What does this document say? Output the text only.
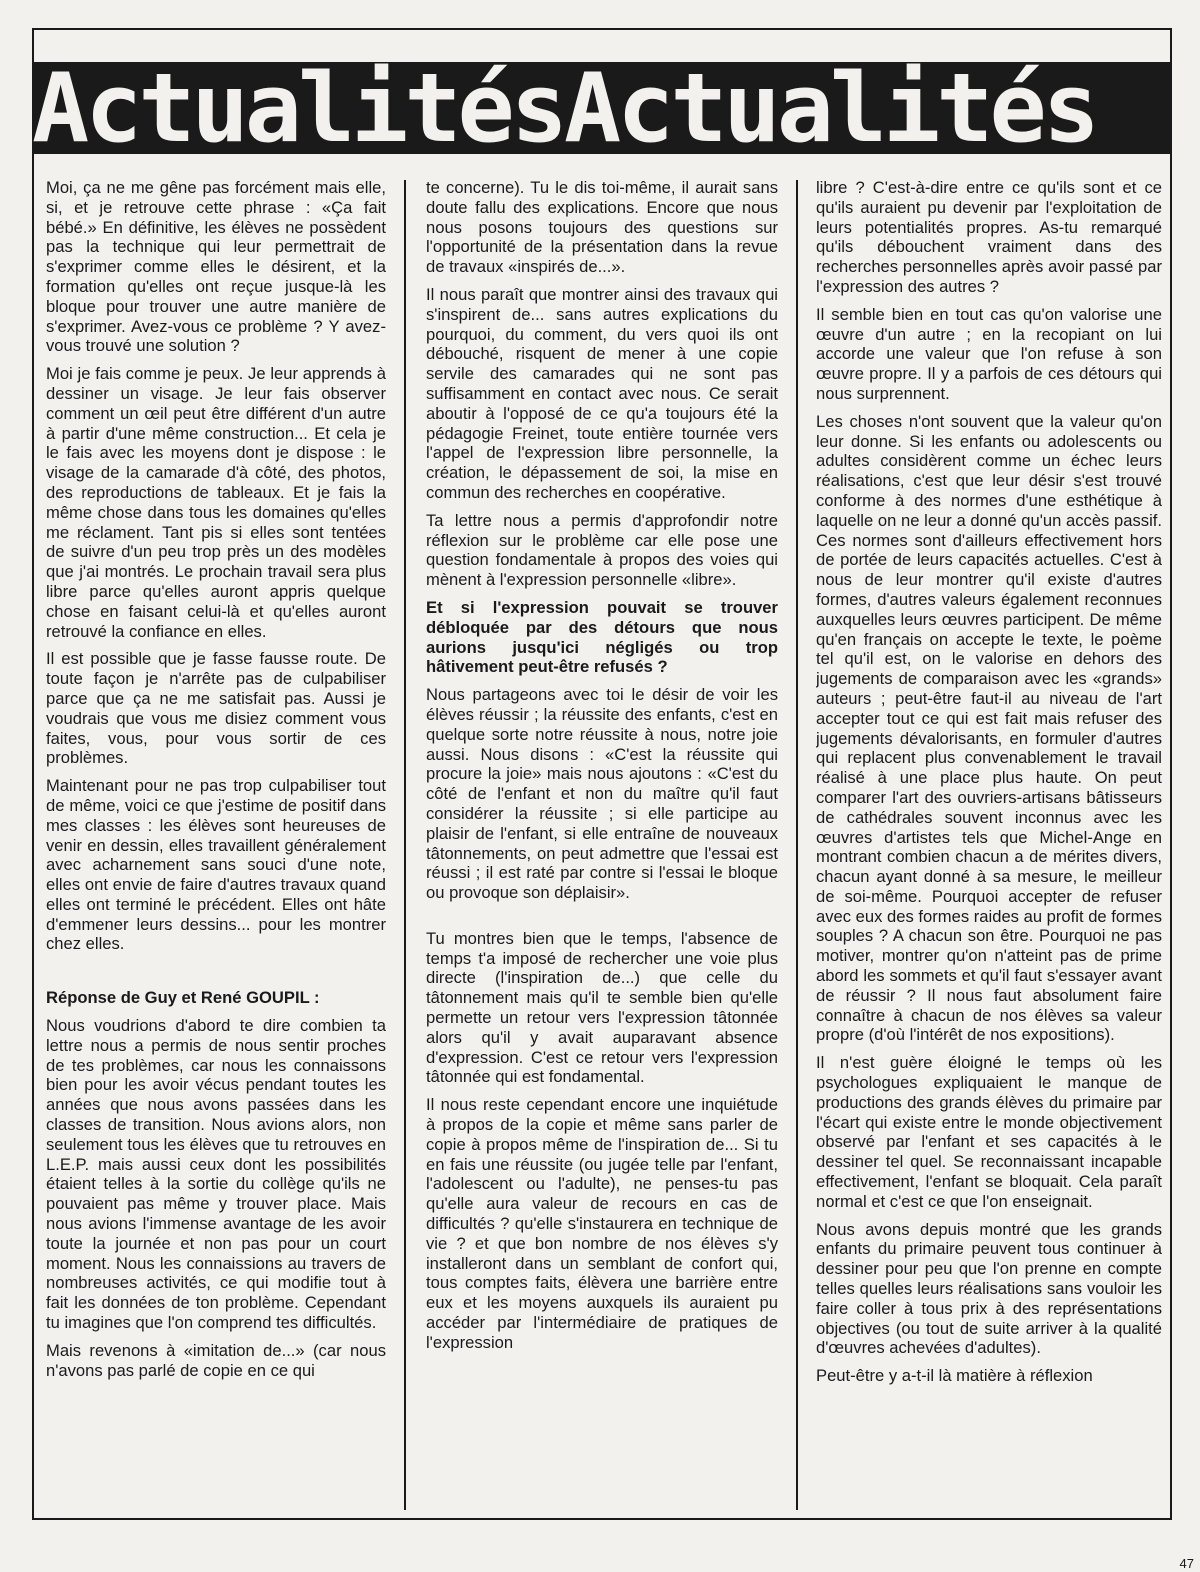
ActualitésActualités

Moi, ça ne me gêne pas forcément mais elle, si, et je retrouve cette phrase : «Ça fait bébé.» En définitive, les élèves ne possèdent pas la technique qui leur permettrait de s'exprimer comme elles le désirent, et la formation qu'elles ont reçue jusque-là les bloque pour trouver une autre manière de s'exprimer. Avez-vous ce problème ? Y avez-vous trouvé une solution ?

Moi je fais comme je peux. Je leur apprends à dessiner un visage. Je leur fais observer comment un œil peut être différent d'un autre à partir d'une même construction... Et cela je le fais avec les moyens dont je dispose : le visage de la camarade d'à côté, des photos, des reproductions de tableaux. Et je fais la même chose dans tous les domaines qu'elles me réclament. Tant pis si elles sont tentées de suivre d'un peu trop près un des modèles que j'ai montrés. Le prochain travail sera plus libre parce qu'elles auront appris quelque chose en faisant celui-là et qu'elles auront retrouvé la confiance en elles.

Il est possible que je fasse fausse route. De toute façon je n'arrête pas de culpabiliser parce que ça ne me satisfait pas. Aussi je voudrais que vous me disiez comment vous faites, vous, pour vous sortir de ces problèmes.

Maintenant pour ne pas trop culpabiliser tout de même, voici ce que j'estime de positif dans mes classes : les élèves sont heureuses de venir en dessin, elles travaillent généralement avec acharnement sans souci d'une note, elles ont envie de faire d'autres travaux quand elles ont terminé le précédent. Elles ont hâte d'emmener leurs dessins... pour les montrer chez elles.

Réponse de Guy et René GOUPIL :

Nous voudrions d'abord te dire combien ta lettre nous a permis de nous sentir proches de tes problèmes, car nous les connaissons bien pour les avoir vécus pendant toutes les années que nous avons passées dans les classes de transition. Nous avions alors, non seulement tous les élèves que tu retrouves en L.E.P. mais aussi ceux dont les possibilités étaient telles à la sortie du collège qu'ils ne pouvaient pas même y trouver place. Mais nous avions l'immense avantage de les avoir toute la journée et non pas pour un court moment. Nous les connaissions au travers de nombreuses activités, ce qui modifie tout à fait les données de ton problème. Cependant tu imagines que l'on comprend tes difficultés.

Mais revenons à «imitation de...» (car nous n'avons pas parlé de copie en ce qui

te concerne). Tu le dis toi-même, il aurait sans doute fallu des explications. Encore que nous nous posons toujours des questions sur l'opportunité de la présentation dans la revue de travaux «inspirés de...».

Il nous paraît que montrer ainsi des travaux qui s'inspirent de... sans autres explications du pourquoi, du comment, du vers quoi ils ont débouché, risquent de mener à une copie servile des camarades qui ne sont pas suffisamment en contact avec nous. Ce serait aboutir à l'opposé de ce qu'a toujours été la pédagogie Freinet, toute entière tournée vers l'appel de l'expression libre personnelle, la création, le dépassement de soi, la mise en commun des recherches en coopérative.

Ta lettre nous a permis d'approfondir notre réflexion sur le problème car elle pose une question fondamentale à propos des voies qui mènent à l'expression personnelle «libre».

Et si l'expression pouvait se trouver débloquée par des détours que nous aurions jusqu'ici négligés ou trop hâtivement peut-être refusés ?

Nous partageons avec toi le désir de voir les élèves réussir ; la réussite des enfants, c'est en quelque sorte notre réussite à nous, notre joie aussi. Nous disons : «C'est la réussite qui procure la joie» mais nous ajoutons : «C'est du côté de l'enfant et non du maître qu'il faut considérer la réussite ; si elle participe au plaisir de l'enfant, si elle entraîne de nouveaux tâtonnements, on peut admettre que l'essai est réussi ; il est raté par contre si l'essai le bloque ou provoque son déplaisir».

Tu montres bien que le temps, l'absence de temps t'a imposé de rechercher une voie plus directe (l'inspiration de...) que celle du tâtonnement mais qu'il te semble bien qu'elle permette un retour vers l'expression tâtonnée alors qu'il y avait auparavant absence d'expression. C'est ce retour vers l'expression tâtonnée qui est fondamental.

Il nous reste cependant encore une inquiétude à propos de la copie et même sans parler de copie à propos même de l'inspiration de... Si tu en fais une réussite (ou jugée telle par l'enfant, l'adolescent ou l'adulte), ne penses-tu pas qu'elle aura valeur de recours en cas de difficultés ? qu'elle s'instaurera en technique de vie ? et que bon nombre de nos élèves s'y installeront dans un semblant de confort qui, tous comptes faits, élèvera une barrière entre eux et les moyens auxquels ils auraient pu accéder par l'intermédiaire de pratiques de l'expression

libre ? C'est-à-dire entre ce qu'ils sont et ce qu'ils auraient pu devenir par l'exploitation de leurs potentialités propres. As-tu remarqué qu'ils débouchent vraiment dans des recherches personnelles après avoir passé par l'expression des autres ?

Il semble bien en tout cas qu'on valorise une œuvre d'un autre ; en la recopiant on lui accorde une valeur que l'on refuse à son œuvre propre. Il y a parfois de ces détours qui nous surprennent.

Les choses n'ont souvent que la valeur qu'on leur donne. Si les enfants ou adolescents ou adultes considèrent comme un échec leurs réalisations, c'est que leur désir s'est trouvé conforme à des normes d'une esthétique à laquelle on ne leur a donné qu'un accès passif. Ces normes sont d'ailleurs effectivement hors de portée de leurs capacités actuelles. C'est à nous de leur montrer qu'il existe d'autres formes, d'autres valeurs également reconnues auxquelles leurs œuvres participent. De même qu'en français on accepte le texte, le poème tel qu'il est, on le valorise en dehors des jugements de comparaison avec les «grands» auteurs ; peut-être faut-il au niveau de l'art accepter tout ce qui est fait mais refuser des jugements dévalorisants, en formuler d'autres qui replacent plus convenablement le travail réalisé à une place plus haute. On peut comparer l'art des ouvriers-artisans bâtisseurs de cathédrales souvent inconnus avec les œuvres d'artistes tels que Michel-Ange en montrant combien chacun a de mérites divers, chacun ayant donné à sa mesure, le meilleur de soi-même. Pourquoi accepter de refuser avec eux des formes raides au profit de formes souples ? A chacun son être. Pourquoi ne pas motiver, montrer qu'on n'atteint pas de prime abord les sommets et qu'il faut s'essayer avant de réussir ? Il nous faut absolument faire connaître à chacun de nos élèves sa valeur propre (d'où l'intérêt de nos expositions).

Il n'est guère éloigné le temps où les psychologues expliquaient le manque de productions des grands élèves du primaire par l'écart qui existe entre le monde objectivement observé par l'enfant et ses capacités à le dessiner tel quel. Se reconnaissant incapable effectivement, l'enfant se bloquait. Cela paraît normal et c'est ce que l'on enseignait.

Nous avons depuis montré que les grands enfants du primaire peuvent tous continuer à dessiner pour peu que l'on prenne en compte telles quelles leurs réalisations sans vouloir les faire coller à tous prix à des représentations objectives (ou tout de suite arriver à la qualité d'œuvres achevées d'adultes).

Peut-être y a-t-il là matière à réflexion

47
